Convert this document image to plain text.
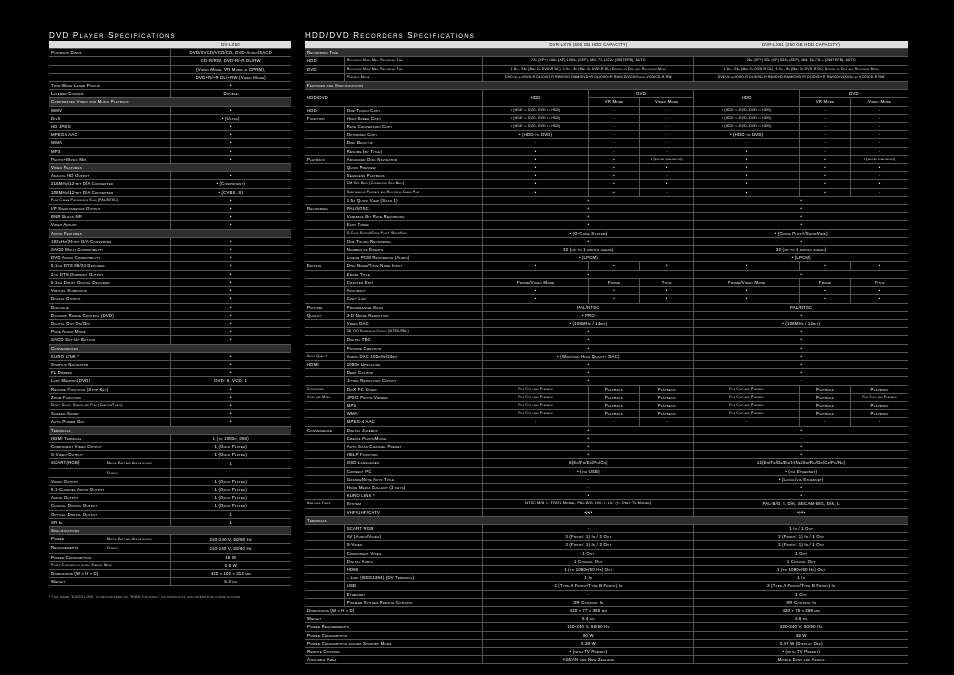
DVD Player Specifications	HDD/DVD Recorders Specifications
	DV-LX50
Playback Discs	DVD/SVCD/VCD/CD, DVD-Audio/SACD
	CD-R/RW, DVD-R/-R DL/RW
	(Video Mode, VR Mode in CPRM),
	DVD+R/+R DL/+RW (Video Mode)
Twin-Wave Laser Pickup	•
Layered Chassis	Double
Compressed Video and Music Playback	
WMV	•
DivX	• (Ultra)
HD JPEG	•
MPEG4 AAC	•
WMA	•
MP3	•
Photo+Music Mix	•
Video Features	
Analog HD Output	•
216MHz/12-bit D/A Converter	• (Component)
108MHz/12-bit D/A Converter	• (CVBS, S)
Pure Cinema Progressive Scan (PAL/NTSC)	•
I/P Simultaneous Output	•
BNR Block NR	•
Video Adjust	•
Audio Features	
192kHz/24-bit D/A Converter	•
SACD Multi Compatibility	•
DVD Audio Compatibility	•
5.1ch DTS 96/24 Decoder	•
2ch DTS Downmix Output	•
5.1ch Dolby Digital Decoder	•
Virtual Surround	•
Digital Output	•
Dialogue	•
Dynamic Range Control (DVD)	•
Digital Out On/Off	•
Pure Audio Mode	•
SACD Set-Up Button	•
Conveniences	
KURO LINK *	•
Startup Navigator	•
FL Dimmer	•
Last Memory(DVD)	DVD: 5, VCD: 1
Resume Function (Stop Key)	•
Zoom Function	•
Direct Select Search and Play (Chapter/Track)	•
Screen Saver	•
Auto Power Off	•
Terminals	
HDMI Terminal	1 (to 1080p, 050)
Component Video Output	1 (Gold Plated)
S-Video Output	1 (Gold Plated)
SCART(RGB) Middle East and Africa models	1
Others	
Video Output	1 (Gold Plated)
5.1-Channel Audio Output	1 (Gold Plated)
Audio Output	1 (Gold Plated)
Coaxial Digital Output	1 (Gold Plated)
Optical Digital Output	1
SR In	1
Specifications	
Power Middle East and Africa models	220-240 V, 50/60 Hz
Requirements Others	110-240 V, 50/60 Hz
Power Consumption	15 W
Power Consumption during Standby Mode	0.6 W
Dimensions (W x H x D)	420 x 102 x 314 mm
Weight	5.3 kg
* The name "KURO LINK" is recognised as "HDMI Control" on products and operating instructions.
		DVR-LX70 (500 GB HDD CAPACITY)			DVR-LX61 (250 GB HDD CAPACITY)		
Recording Time							
HDD	Recording Mode Max. Recording Time	72h (XP+) 106h (XP) 1064h (SEP), MN: 72-1422h (256TEPB), AUTO			26h (XP+) 53h (XP) 533h (SEP), MN: 36-711 h (256TEPB), AUTO		
DVD	Recording Mode Max. Recording Time	1.8h - 24h (Max 2h DVD-R DL), 1.0h - 8h (Max 3h DVD-R DL) Depend on Disc and Recording Mode			1.8h - 24h (Max 2h DVD-R DL), 1.0h - 8h (Max 3h DVD-R DL) Depend on Disc and Recording Mode		
	Playback Media	DVD-Video/DVD-R DL/DVD-R RW/DVD-RAM/DVD+R DL/DVD+R RW/CD/VCD/Super VCD/CD-R RW			DVD-Video/DVD-R DL/DVD-R RW/DVD-RAM/DVD+R DL/DVD+R RW/CD/VCD/Super VCD/CD-R RW		
Features and Specifications							
HDD/DVD		HDD	DVD		HDD	DVD	
			VR Mode	Video Mode		VR Mode	Video Mode
HDD	One-Touch Copy	• (HDD to DVD, DVD to HDD)	-	-	• (HDD to DVD, DVD to HDD)	-	-
Function	High-Speed Copy	• (HDD to DVD, DVD to HDD)	-	-	• (HDD to DVD, DVD to HDD)	-	-
	Rate Conversion Copy	• (HDD to DVD, DVD to HDD)	-	-	• (HDD to DVD, DVD to HDD)	-	-
	Optimized Copy	• (HDD to DVD)	-	-	• (HDD to DVD)	-	-
	Disc Back-up	-	-	-	-	-	-
	Resume (by Title)	•	-	-	•	-	-
Playback	Advanced Disc Navigator	•	•	• (before finalisation)	•	•	• (before finalisation)
	Quick Preview	•	•	•	•	•	•
	Seamless Playback	•	•	-	•	•	-
	CM Skip Back (Commercial Skip Back)	•	•	•	•	•	•
	Simultaneous Playback and Recording Chase Play	•	•	-	•	•	-
	1.5x Quick View (Scan 1)	•			•		
Recording	PAL/NTSC	•			•		
	Variable Bit Rate Recording	•			•		
	Easy Timer	•			•		
	G-Code System/Guide Plus+ /ShowView	• (G-Code System)			• (Guide Plus+/ShowView)		
	One Touch Recording	•			•		
	Number of Events	32 (up to 1 month ahead)			32 (up to 1 month ahead)		
	Linear PCM Recording (Audio)	• (LPCM)			• (LPCM)		
Editing	Disc Name/Title Name Input	•	•	•	•	•	•
	Erase Title	•			•		
	Chapter Edit	Frame/Video Mode	Frame	Title	Frame/Video Mode	Frame	Title
	Accuracy	•	•	•	•	•	•
	Copy List	•	•	•	•	•	•
Picture	Progressive Scan	PAL/NTSC			PAL/NTSC		
Quality	3-D Noise Reduction	• PRO			•		
	Video DAC	• (108MHz / 14bit)			• (108MHz / 12bit)		
	3D Y/C Separation Circuit (NTSC/PAL)	•			•		
	Digital TBC	•			•		
	Picture Creation	•			•		
Audio Quality	Audio DAC 192kHz/24bit	• (Wolfson High Quality DAC)			•		
HDMI	1080p Upscaling	•			•		
	Deep Colour	•			•		
	Jitter Reduction Circuit	•			-		
Compressed	DivX PC Video	File Copy and Playback	Playback	Playback	File Copy and Playback	Playback	Playback
Video and Music	JPEG Photo Viewer	File Copy and Playback	Playback	Playback	File Copy and Playback	Playback	File Copy and Playback
	MP3	File Copy and Playback	Playback	Playback	File Copy and Playback	Playback	Playback
	WMA	File Copy and Playback	Playback	Playback	File Copy and Playback	Playback	Playback
	MPEG-4 AAC	-	-	-	-	-	-
Convenience	Digital Jukebox	•			•		
	Create PhotoMovie	•			-		
	Auto Scan Channel Preset	•			•		
	HELP Function	•			•		
	OSD Languages	5(En/Fr/Es/Po/Ch)			12(En/Fr/De/Es/It/Ne/Sw/Ru/Gr/Cz/Po/No)		
	Connect PC	• (via USB)			• (via Ethernet)		
	GrandeNote Auto Title	-			• (Local/via Ethernet)		
	Home Media Gallery (3 keys)	-			•		
	KURO LINK *	•			•		
Analogue Tuner	System	NTSC M/N <- TFATL Model, PAL-B/G, D/K, I, L/L' (<- Only TL Model)			PAL-B/G, I, D/K, SECAM-B/G, D/K, L		
	VHF/UHF/CATV	•/•/•			•/•/•		
Terminals							
	SCART RGB	-			1 In / 1 Out		
	AV (Audio/Video)	3 (Front: 1) In / 2 Out			2 (Front: 1) In / 1 Out		
	S-Video	3 (Front: 1) In / 2 Out			2 (Front: 1) In / 1 Out		
	Component Video	1 Out			1 Out		
	Digital Audio	1 Coaxial Out			1 Coaxial Out		
	HDMI	1 (to 1080p/50 Hz) Out			1 (to 1080p/50 Hz) Out		
	i. Link (IEEE1394) (DV Terminal)	1 In			1 In		
	USB	2 (Type A Front/Type B Front) In			2 (Type A Front/Type B Front) In		
	Ethernet	-			1 Out		
	Pioneer System Remote Control	SR Control In			SR Control In		
Dimensions (W x H x D)		420 x 77 x 355 mm			420 x 75 x 288 mm		
Weight		6.4 kg			4.5 kg		
Power Requirements		110-240 V, 50/60 Hz			220-240 V, 50/60 Hz		
Power Consumption		50 W			48 W		
Power Consumption during Standby Mode		0.38 W			0.47 W (Display Off)		
Remote Control		• (with TV Preset)			• (with TV Preset)		
Available Area		ASEAN and New Zealand			Middle East and Africa		
